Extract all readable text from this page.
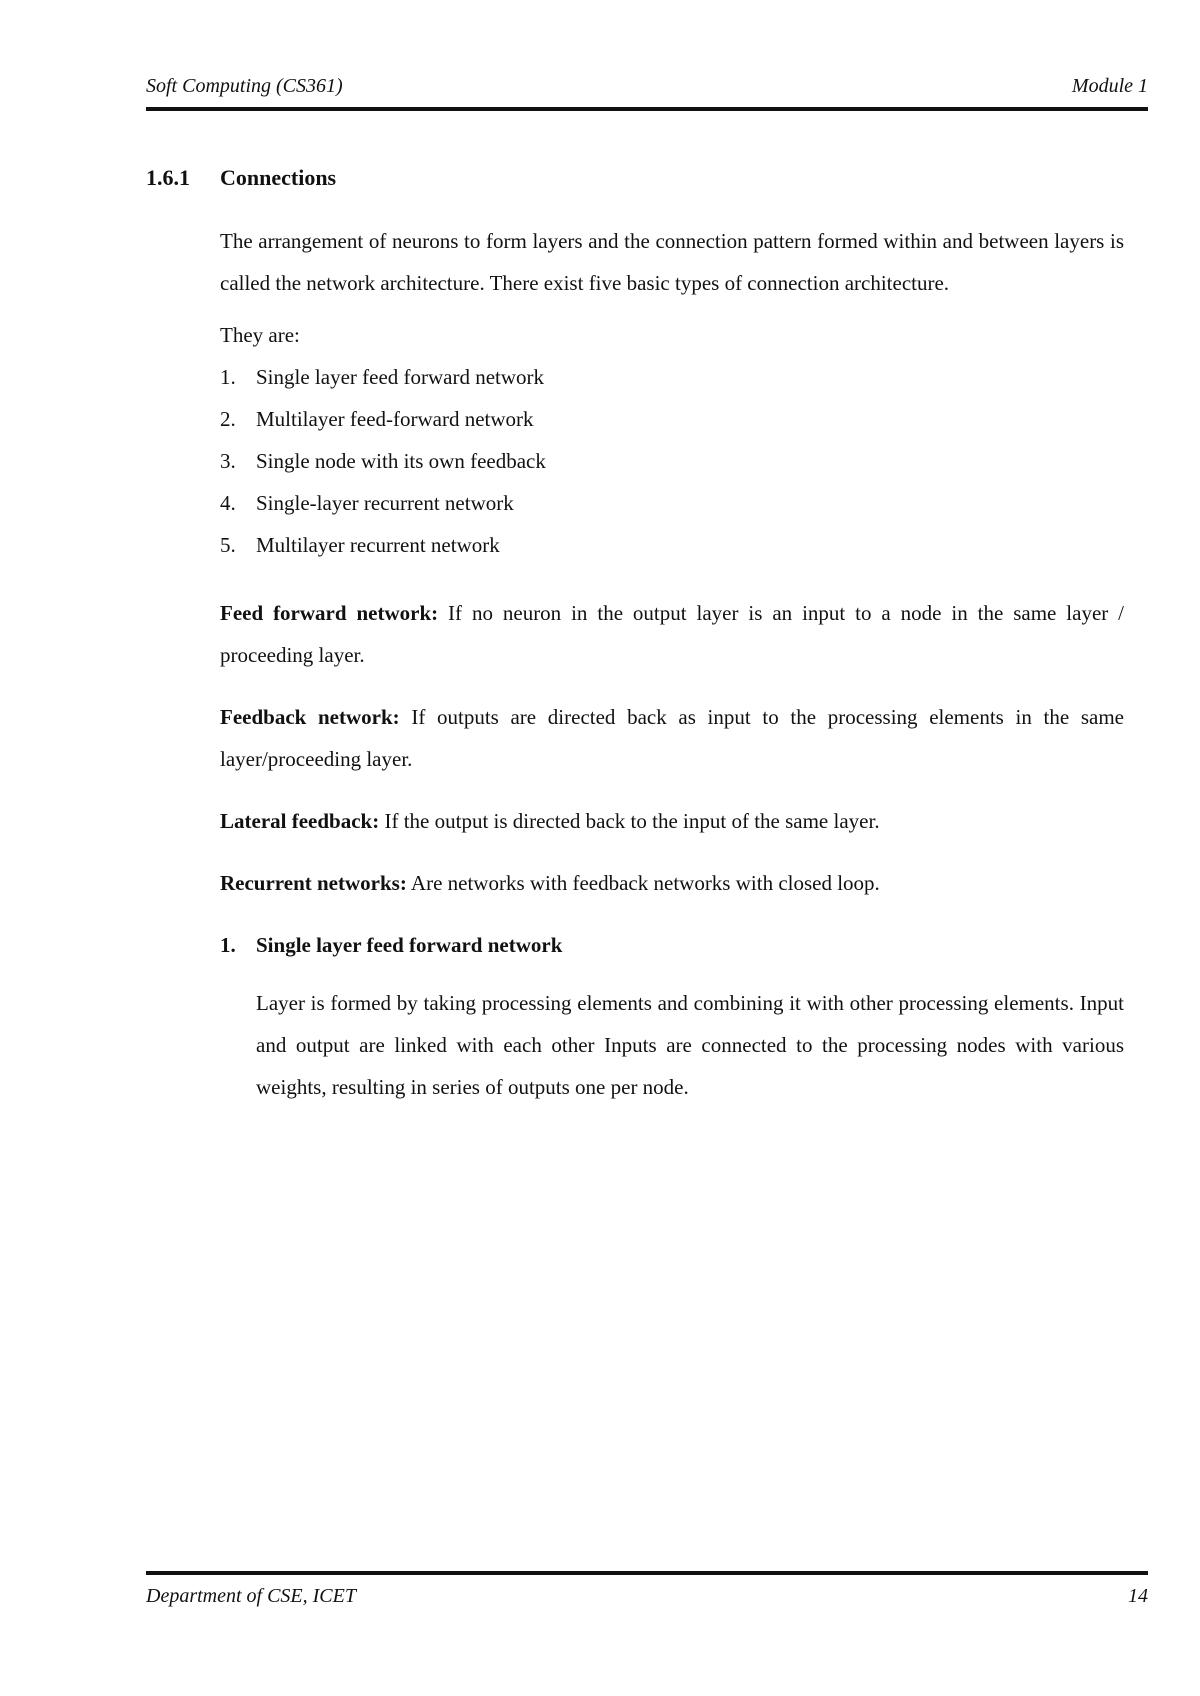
Soft Computing (CS361)	Module 1
1.6.1 Connections

The arrangement of neurons to form layers and the connection pattern formed within and between layers is called the network architecture. There exist five basic types of connection architecture.

They are:

1. Single layer feed forward network
2. Multilayer feed-forward network
3. Single node with its own feedback
4. Single-layer recurrent network
5. Multilayer recurrent network

Feed forward network: If no neuron in the output layer is an input to a node in the same layer / proceeding layer.

Feedback network: If outputs are directed back as input to the processing elements in the same layer/proceeding layer.

Lateral feedback: If the output is directed back to the input of the same layer.

Recurrent networks: Are networks with feedback networks with closed loop.

1. Single layer feed forward network

Layer is formed by taking processing elements and combining it with other processing elements. Input and output are linked with each other Inputs are connected to the processing nodes with various weights, resulting in series of outputs one per node.

Department of CSE, ICET	14
